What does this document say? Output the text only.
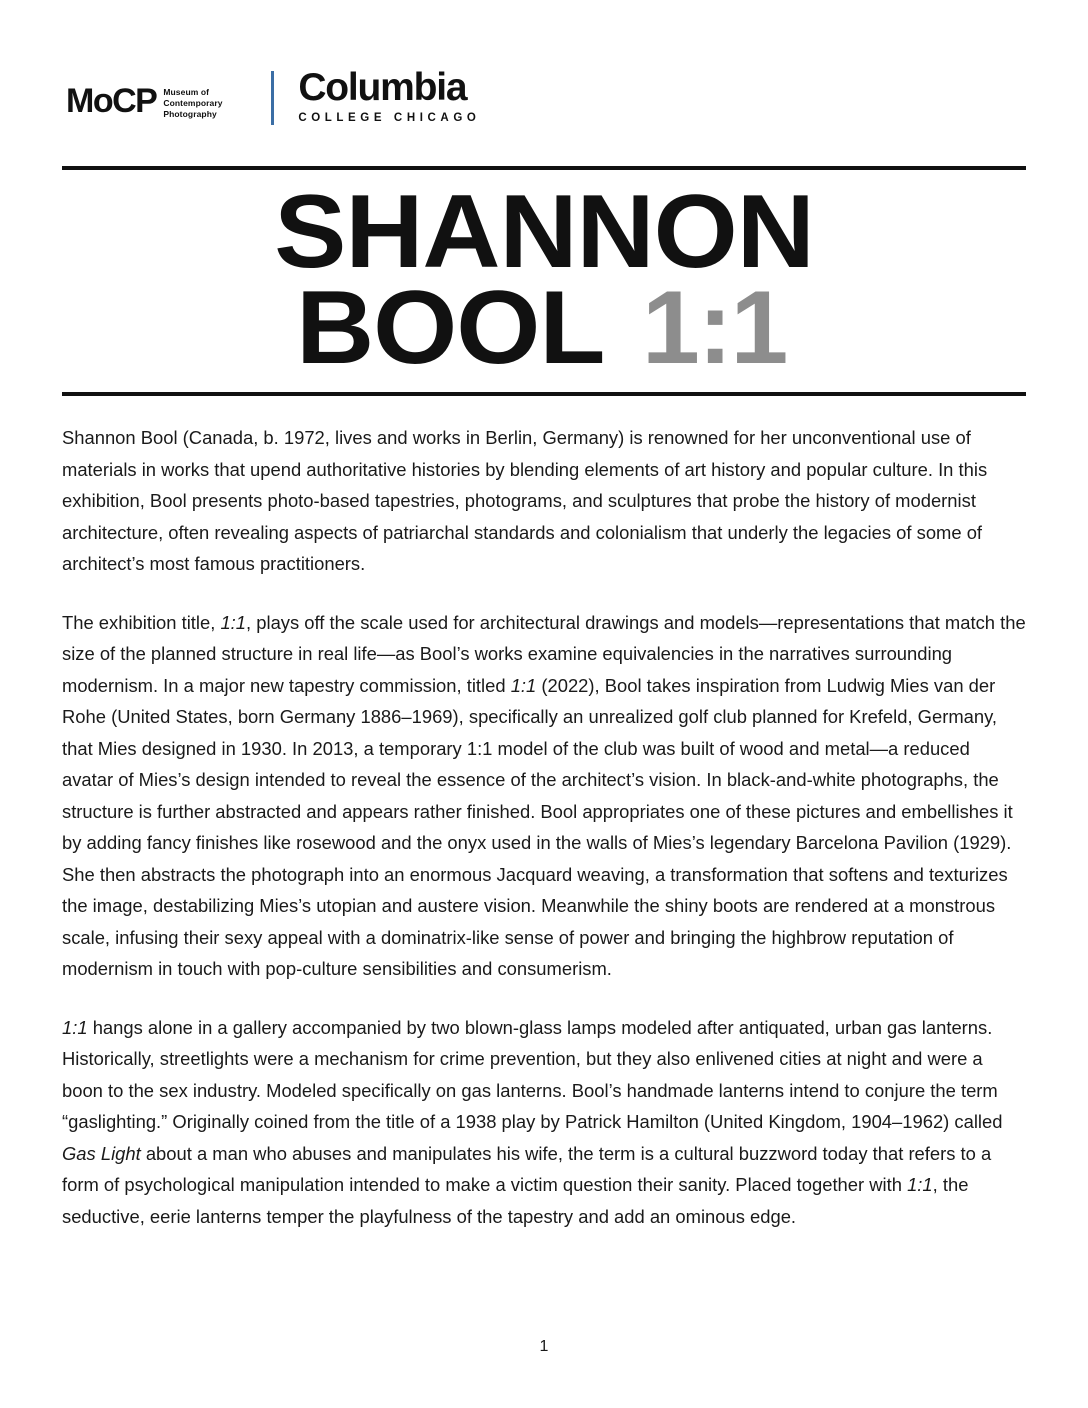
MoCP Museum of Contemporary Photography
Columbia
COLLEGE CHICAGO
SHANNON
BOOL 1:1

Shannon Bool (Canada, b. 1972, lives and works in Berlin, Germany) is renowned for her unconventional use of materials in works that upend authoritative histories by blending elements of art history and popular culture. In this exhibition, Bool presents photo-based tapestries, photograms, and sculptures that probe the history of modernist architecture, often revealing aspects of patriarchal standards and colonialism that underly the legacies of some of architect’s most famous practitioners.

The exhibition title, 1:1, plays off the scale used for architectural drawings and models—representations that match the size of the planned structure in real life—as Bool’s works examine equivalencies in the narratives surrounding modernism. In a major new tapestry commission, titled 1:1 (2022), Bool takes inspiration from Ludwig Mies van der Rohe (United States, born Germany 1886–1969), specifically an unrealized golf club planned for Krefeld, Germany, that Mies designed in 1930. In 2013, a temporary 1:1 model of the club was built of wood and metal—a reduced avatar of Mies’s design intended to reveal the essence of the architect’s vision. In black-and-white photographs, the structure is further abstracted and appears rather finished. Bool appropriates one of these pictures and embellishes it by adding fancy finishes like rosewood and the onyx used in the walls of Mies’s legendary Barcelona Pavilion (1929). She then abstracts the photograph into an enormous Jacquard weaving, a transformation that softens and texturizes the image, destabilizing Mies’s utopian and austere vision. Meanwhile the shiny boots are rendered at a monstrous scale, infusing their sexy appeal with a dominatrix-like sense of power and bringing the highbrow reputation of modernism in touch with pop-culture sensibilities and consumerism.

1:1 hangs alone in a gallery accompanied by two blown-glass lamps modeled after antiquated, urban gas lanterns. Historically, streetlights were a mechanism for crime prevention, but they also enlivened cities at night and were a boon to the sex industry. Modeled specifically on gas lanterns. Bool’s handmade lanterns intend to conjure the term “gaslighting.” Originally coined from the title of a 1938 play by Patrick Hamilton (United Kingdom, 1904–1962) called Gas Light about a man who abuses and manipulates his wife, the term is a cultural buzzword today that refers to a form of psychological manipulation intended to make a victim question their sanity. Placed together with 1:1, the seductive, eerie lanterns temper the playfulness of the tapestry and add an ominous edge.

1
